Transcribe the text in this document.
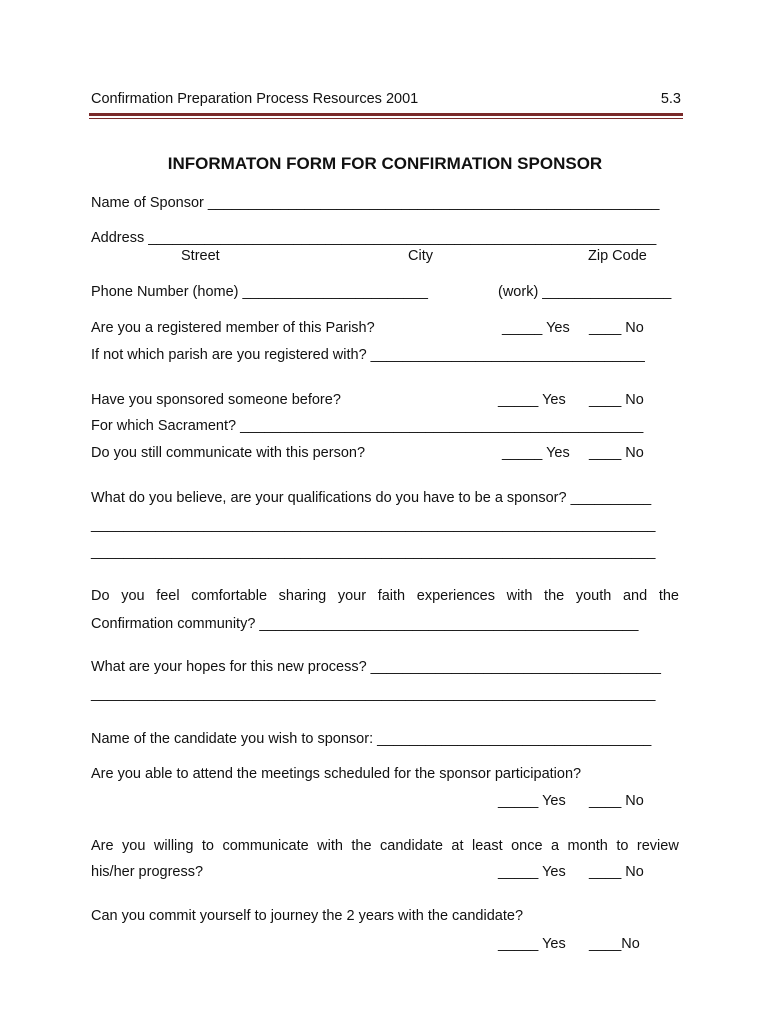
Confirmation Preparation Process Resources 2001	5.3
INFORMATON FORM FOR CONFIRMATION SPONSOR
Name of Sponsor ________________________________________________________
Address _______________________________________________________________
Street	City	Zip Code
Phone Number (home) _______________________	(work) ________________
Are you a registered member of this Parish?	_____ Yes ____ No
If not which parish are you registered with? __________________________________
Have you sponsored someone before?	_____ Yes ____ No
For which Sacrament? __________________________________________________
Do you still communicate with this person?	_____ Yes ____ No
What do you believe, are your qualifications do you have to be a sponsor? __________
______________________________________________________________________
______________________________________________________________________
Do you feel comfortable sharing your faith experiences with the youth and the
Confirmation community? _______________________________________________
What are your hopes for this new process? ____________________________________
______________________________________________________________________
Name of the candidate you wish to sponsor: __________________________________
Are you able to attend the meetings scheduled for the sponsor participation?
_____ Yes ____ No
Are you willing to communicate with the candidate at least once a month to review
his/her progress?	_____ Yes ____ No
Can you commit yourself to journey the 2 years with the candidate?
_____ Yes ____No
